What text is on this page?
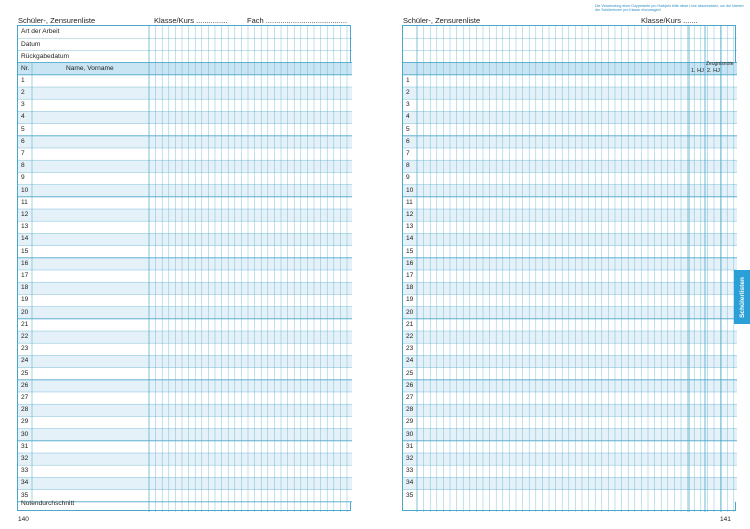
Schüler-, Zensurenliste	Klasse/Kurs ...............	Fach .......................................
Art der Arbeit
Datum
Rückgabedatum
Nr.	Name, Vorname
1
2
3
4
5
6
7
8
9
10
11
12
13
14
15
16
17
18
19
20
21
22
23
24
25
26
27
28
29
30
31
32
33
34
35
Notendurchschnitt
140
Schüler-, Zensurenliste	Klasse/Kurs .......
Die Verwendung einer Doppelseite pro Halbjahr bitte diese Linie abschneiden, um die Namen der Schülerinnen pro Klasse einzutragen!
Zeugnisnote
1. HJ 2. HJ
1
2
3
4
5
6
7
8
9
10
11
12
13
14
15
16
17
18
19
20
21
22
23
24
25
26
27
28
29
30
31
32
33
34
35
141
Schülerlisten
